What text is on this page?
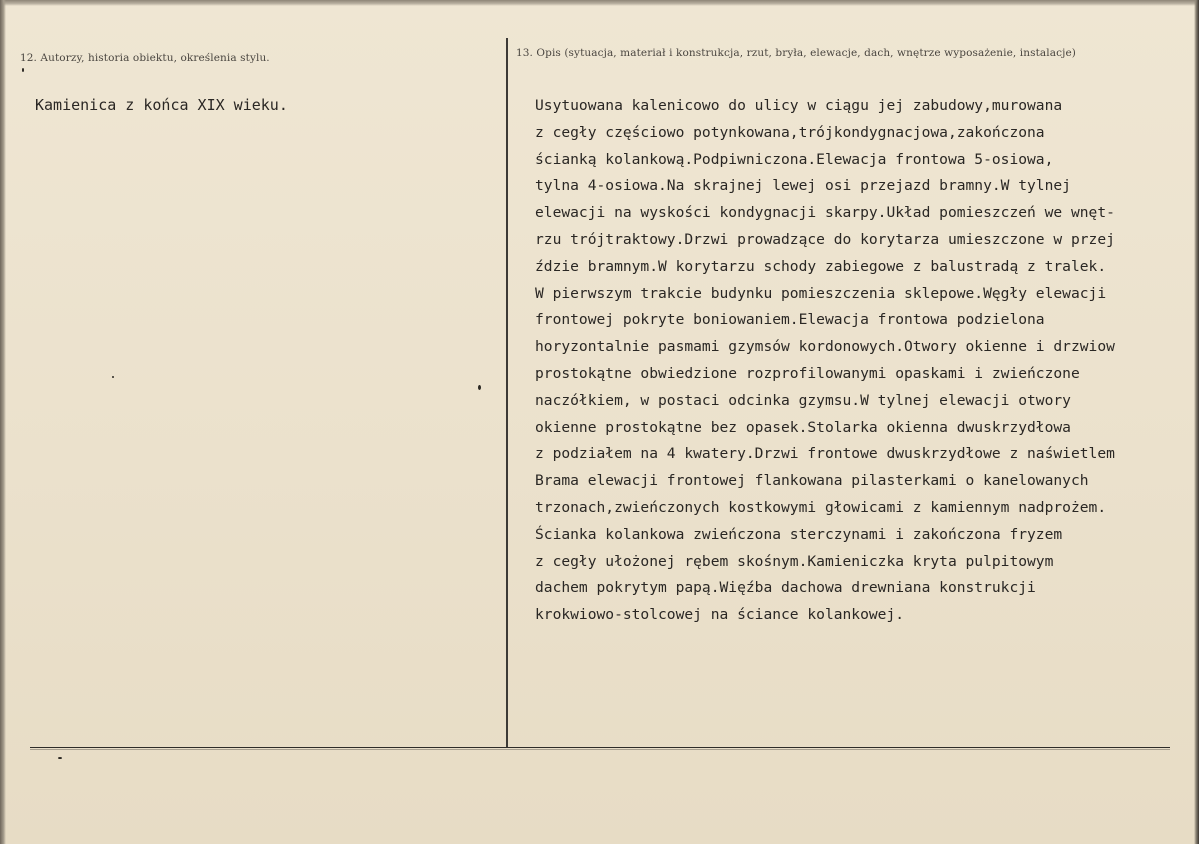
12. Autorzy, historia obiektu, określenia stylu.	13. Opis (sytuacja, materiał i konstrukcja, rzut, bryła, elewacje, dach, wnętrze wyposażenie, instalacje)
Kamienica z końca XIX wieku.	Usytuowana kalenicowo do ulicy w ciągu jej zabudowy,murowana
z cegły częściowo potynkowana,trójkondygnacjowa,zakończona
ścianką kolankową.Podpiwniczona.Elewacja frontowa 5-osiowa,
tylna 4-osiowa.Na skrajnej lewej osi przejazd bramny.W tylnej
elewacji na wyskości kondygnacji skarpy.Układ pomieszczeń we wnęt-
rzu trójtraktowy.Drzwi prowadzące do korytarza umieszczone w przej
ździe bramnym.W korytarzu schody zabiegowe z balustradą z tralek.
W pierwszym trakcie budynku pomieszczenia sklepowe.Węgły elewacji
frontowej pokryte boniowaniem.Elewacja frontowa podzielona
horyzontalnie pasmami gzymsów kordonowych.Otwory okienne i drzwiow
prostokątne obwiedzione rozprofilowanymi opaskami i zwieńczone
naczółkiem, w postaci odcinka gzymsu.W tylnej elewacji otwory
okienne prostokątne bez opasek.Stolarka okienna dwuskrzydłowa
z podziałem na 4 kwatery.Drzwi frontowe dwuskrzydłowe z naświetlem
Brama elewacji frontowej flankowana pilasterkami o kanelowanych
trzonach,zwieńczonych kostkowymi głowicami z kamiennym nadprożem.
Ścianka kolankowa zwieńczona sterczynami i zakończona fryzem
z cegły ułożonej rębem skośnym.Kamieniczka kryta pulpitowym
dachem pokrytym papą.Więźba dachowa drewniana konstrukcji
krokwiowo-stolcowej na ściance kolankowej.
